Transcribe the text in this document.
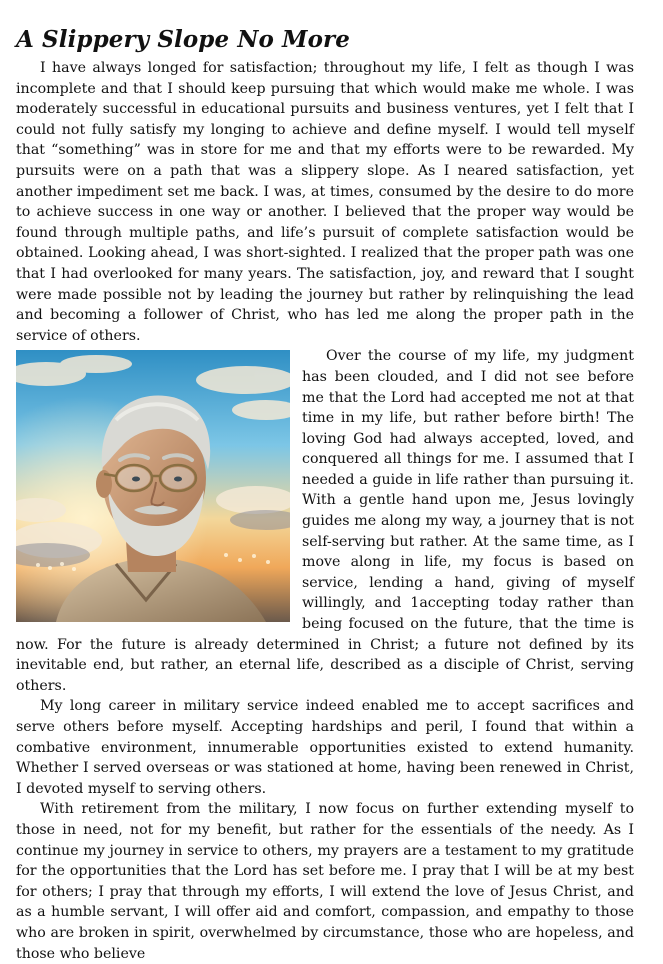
A Slippery Slope No More

I have always longed for satisfaction; throughout my life, I felt as though I was incomplete and that I should keep pursuing that which would make me whole. I was moderately successful in educational pursuits and business ventures, yet I felt that I could not fully satisfy my longing to achieve and define myself. I would tell myself that “something” was in store for me and that my efforts were to be rewarded. My pursuits were on a path that was a slippery slope. As I neared satisfaction, yet another impediment set me back. I was, at times, consumed by the desire to do more to achieve success in one way or another. I believed that the proper way would be found through multiple paths, and life’s pursuit of complete satisfaction would be obtained. Looking ahead, I was short-sighted. I realized that the proper path was one that I had overlooked for many years. The satisfaction, joy, and reward that I sought were made possible not by leading the journey but rather by relinquishing the lead and becoming a follower of Christ, who has led me along the proper path in the service of others.

Over the course of my life, my judgment has been clouded, and I did not see before me that the Lord had accepted me not at that time in my life, but rather before birth! The loving God had always accepted, loved, and conquered all things for me. I assumed that I needed a guide in life rather than pursuing it. With a gentle hand upon me, Jesus lovingly guides me along my way, a journey that is not self-serving but rather. At the same time, as I move along in life, my focus is based on service, lending a hand, giving of myself willingly, and 1accepting today rather than being focused on the future, that the time is now. For the future is already determined in Christ; a future not defined by its inevitable end, but rather, an eternal life, described as a disciple of Christ, serving others.

My long career in military service indeed enabled me to accept sacrifices and serve others before myself. Accepting hardships and peril, I found that within a combative environment, innumerable opportunities existed to extend humanity. Whether I served overseas or was stationed at home, having been renewed in Christ, I devoted myself to serving others.

With retirement from the military, I now focus on further extending myself to those in need, not for my benefit, but rather for the essentials of the needy. As I continue my journey in service to others, my prayers are a testament to my gratitude for the opportunities that the Lord has set before me. I pray that I will be at my best for others; I pray that through my efforts, I will extend the love of Jesus Christ, and as a humble servant, I will offer aid and comfort, compassion, and empathy to those who are broken in spirit, overwhelmed by circumstance, those who are hopeless, and those who believe
